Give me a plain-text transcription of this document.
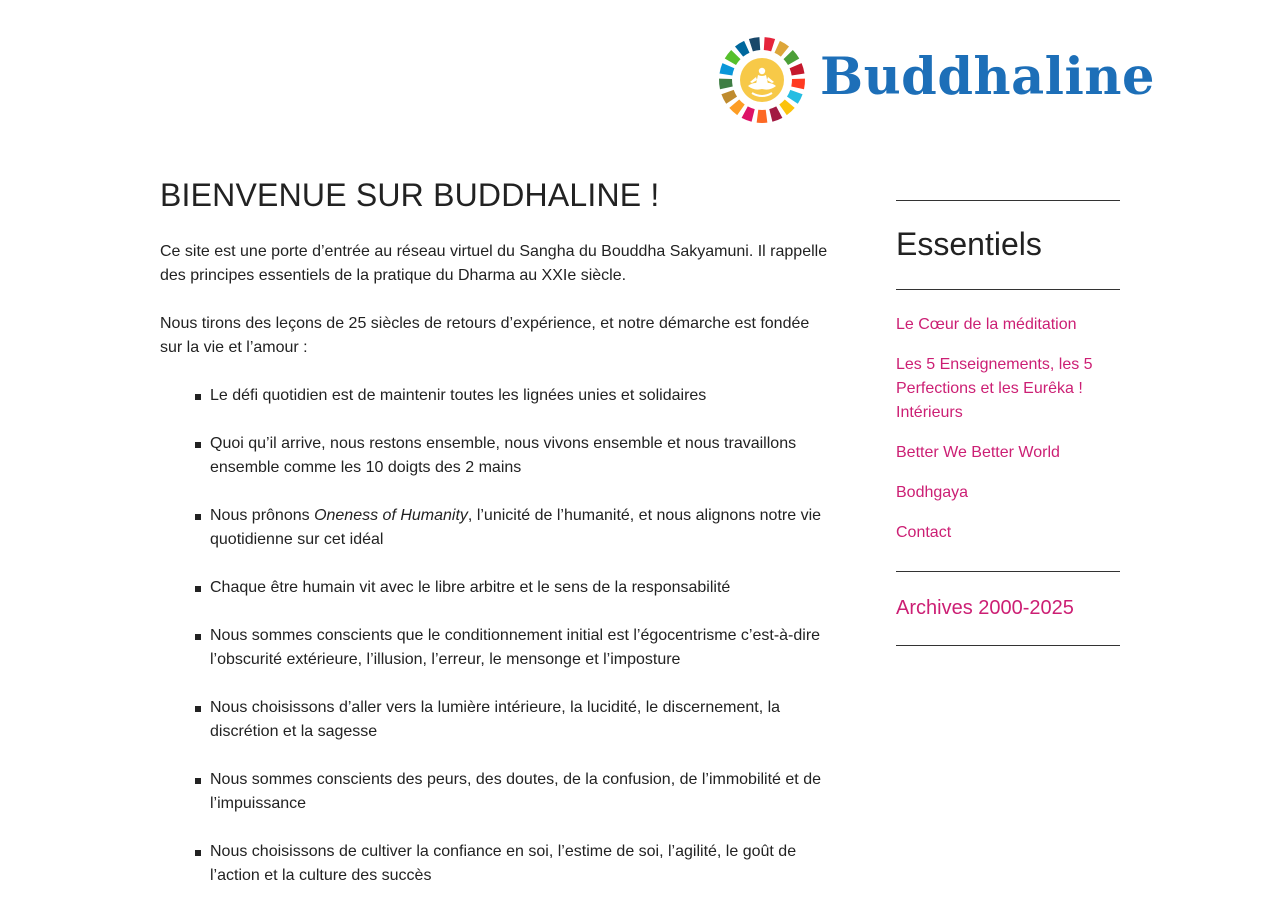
Buddhaline
BIENVENUE SUR BUDDHALINE !

Ce site est une porte d’entrée au réseau virtuel du Sangha du Bouddha Sakyamuni. Il rappelle des principes essentiels de la pratique du Dharma au XXIe siècle.

Nous tirons des leçons de 25 siècles de retours d’expérience, et notre démarche est fondée sur la vie et l’amour :

Le défi quotidien est de maintenir toutes les lignées unies et solidaires
Quoi qu’il arrive, nous restons ensemble, nous vivons ensemble et nous travaillons ensemble comme les 10 doigts des 2 mains
Nous prônons Oneness of Humanity, l’unicité de l’humanité, et nous alignons notre vie quotidienne sur cet idéal
Chaque être humain vit avec le libre arbitre et le sens de la responsabilité
Nous sommes conscients que le conditionnement initial est l’égocentrisme c’est-à-dire l’obscurité extérieure, l’illusion, l’erreur, le mensonge et l’imposture
Nous choisissons d’aller vers la lumière intérieure, la lucidité, le discernement, la discrétion et la sagesse
Nous sommes conscients des peurs, des doutes, de la confusion, de l’immobilité et de l’impuissance
Nous choisissons de cultiver la confiance en soi, l’estime de soi, l’agilité, le goût de l’action et la culture des succès
Essentiels
Le Cœur de la méditation
Les 5 Enseignements, les 5 Perfections et les Eurêka ! Intérieurs
Better We Better World
Bodhgaya
Contact
Archives 2000-2025
